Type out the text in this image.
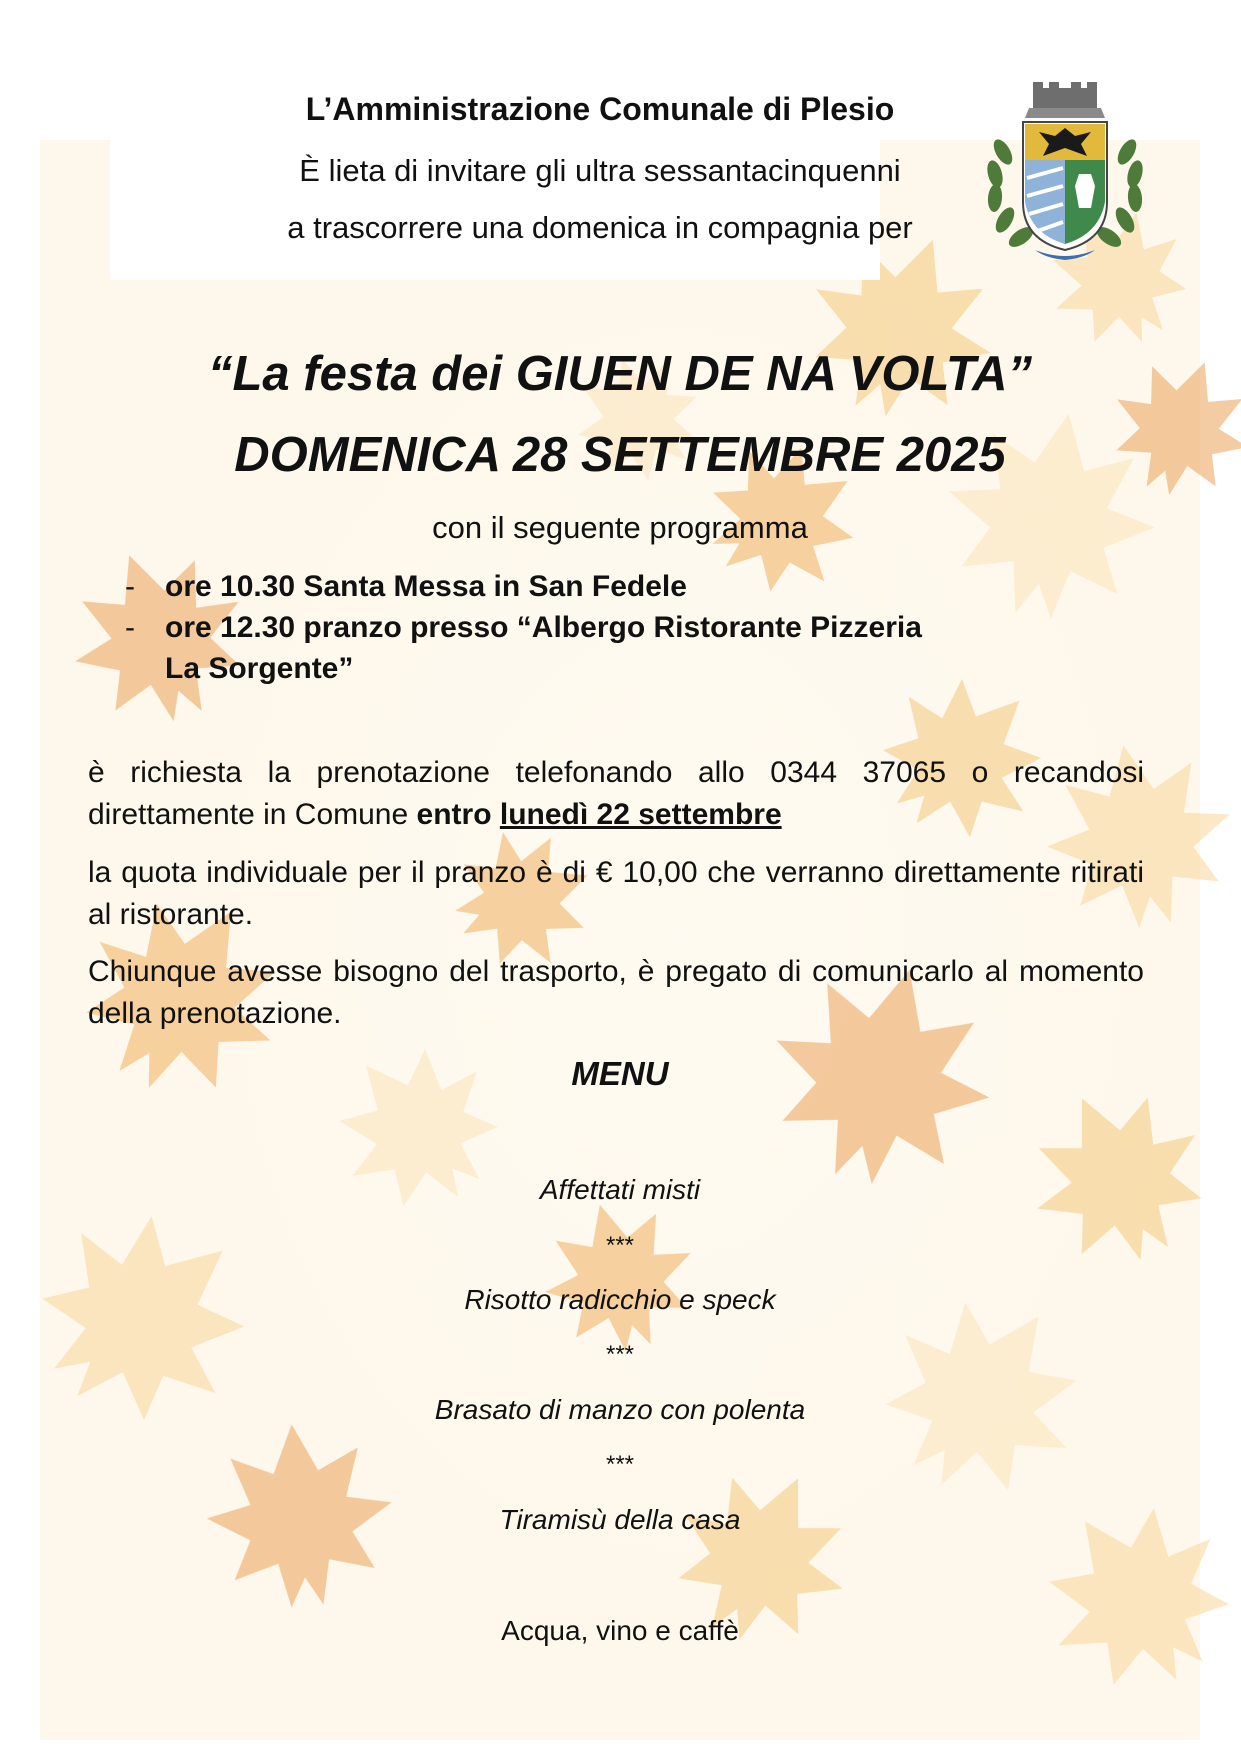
L’Amministrazione Comunale di Plesio
È lieta di invitare gli ultra sessantacinquenni
a trascorrere una domenica in compagnia per
“La festa dei GIUEN DE NA VOLTA”
DOMENICA 28 SETTEMBRE 2025
con il seguente programma
- ore 10.30 Santa Messa in San Fedele
- ore 12.30 pranzo presso “Albergo Ristorante Pizzeria
La Sorgente”
è richiesta la prenotazione telefonando allo 0344 37065 o recandosi direttamente in Comune entro lunedì 22 settembre
la quota individuale per il pranzo è di € 10,00 che verranno direttamente ritirati al ristorante.
Chiunque avesse bisogno del trasporto, è pregato di comunicarlo al momento della prenotazione.
MENU
Affettati misti
***
Risotto radicchio e speck
***
Brasato di manzo con polenta
***
Tiramisù della casa
Acqua, vino e caffè
